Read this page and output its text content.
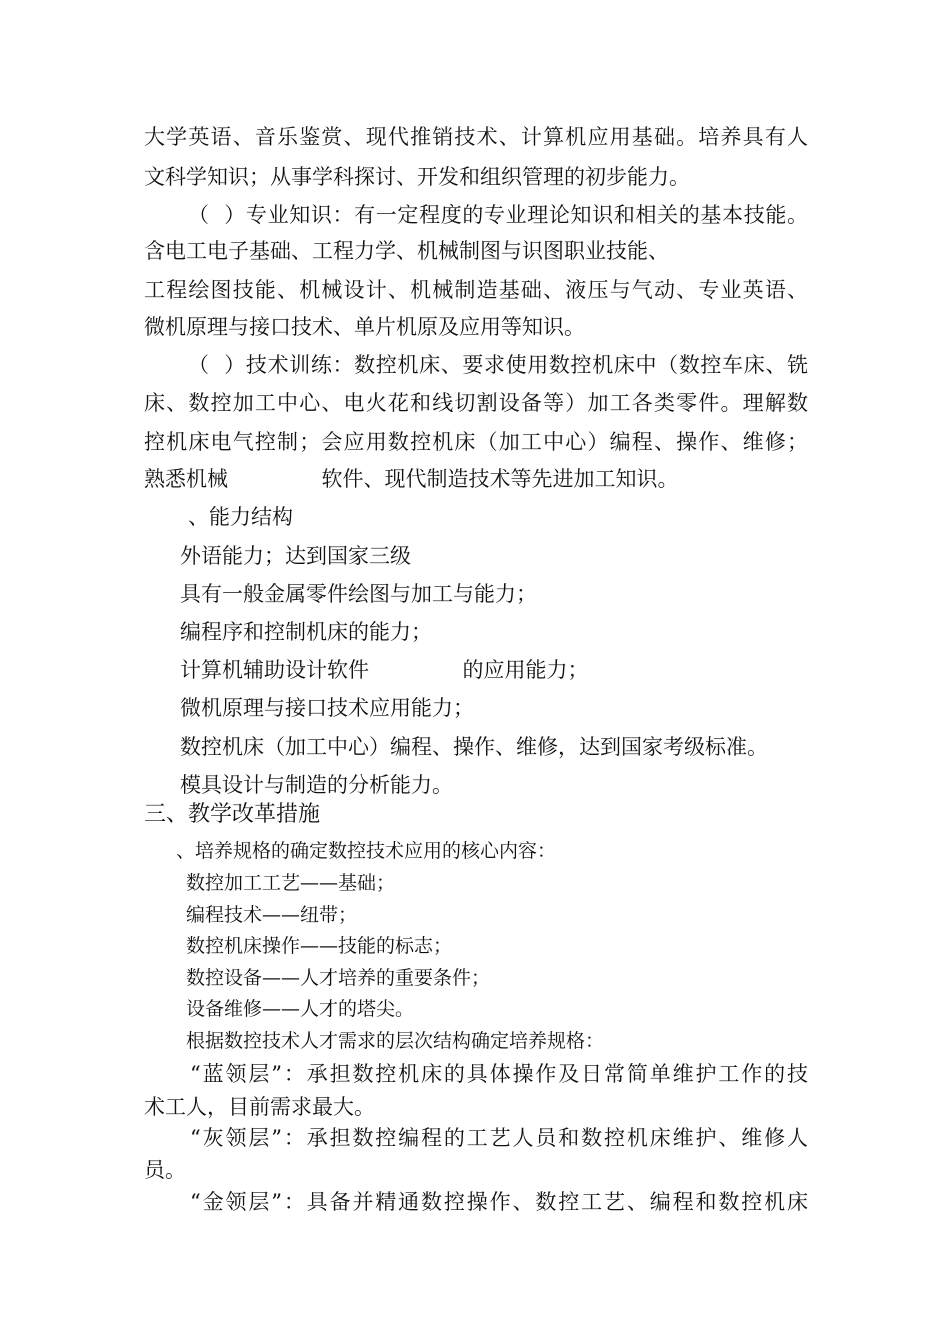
大学英语、音乐鉴赏、现代推销技术、计算机应用基础。培养具有人

文科学知识；从事学科探讨、开发和组织管理的初步能力。

（  ）专业知识：有一定程度的专业理论知识和相关的基本技能。

含电工电子基础、工程力学、机械制图与识图职业技能、

工程绘图技能、机械设计、机械制造基础、液压与气动、专业英语、

微机原理与接口技术、单片机原及应用等知识。

（  ）技术训练：数控机床、要求使用数控机床中（数控车床、铣

床、数控加工中心、电火花和线切割设备等）加工各类零件。理解数

控机床电气控制；会应用数控机床（加工中心）编程、操作、维修；

熟悉机械              软件、现代制造技术等先进加工知识。

、能力结构

外语能力；达到国家三级

具有一般金属零件绘图与加工与能力；

编程序和控制机床的能力；

计算机辅助设计软件              的应用能力；

微机原理与接口技术应用能力；

数控机床（加工中心）编程、操作、维修，达到国家考级标准。

模具设计与制造的分析能力。

三、教学改革措施

、培养规格的确定数控技术应用的核心内容：

数控加工工艺——基础；

编程技术——纽带；

数控机床操作——技能的标志；

数控设备——人才培养的重要条件；

设备维修——人才的塔尖。

根据数控技术人才需求的层次结构确定培养规格：

“蓝领层”：承担数控机床的具体操作及日常简单维护工作的技

术工人，目前需求最大。

“灰领层”：承担数控编程的工艺人员和数控机床维护、维修人

员。

“金领层”：具备并精通数控操作、数控工艺、编程和数控机床
